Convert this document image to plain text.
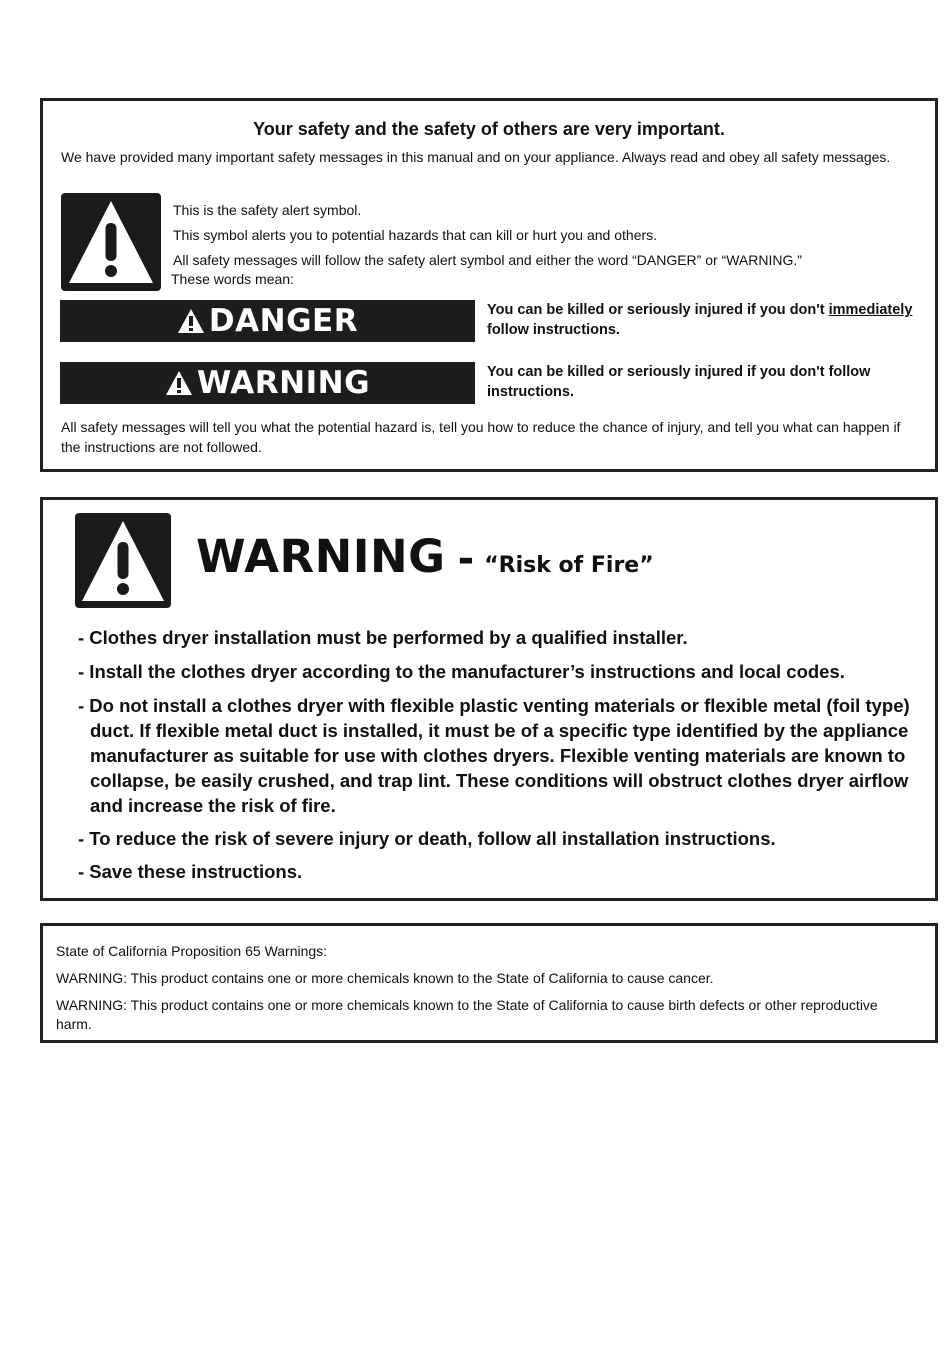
Your safety and the safety of others are very important.
We have provided many important safety messages in this manual and on your appliance. Always read and obey all safety messages.
This is the safety alert symbol.
This symbol alerts you to potential hazards that can kill or hurt you and others.
All safety messages will follow the safety alert symbol and either the word “DANGER” or “WARNING.”
These words mean:
DANGER	You can be killed or seriously injured if you don't immediately
follow instructions.
WARNING	You can be killed or seriously injured if you don't follow instructions.
All safety messages will tell you what the potential hazard is, tell you how to reduce the chance of injury, and tell you what can happen if the instructions are not followed.
WARNING - “Risk of Fire”
- Clothes dryer installation must be performed by a qualified installer.
- Install the clothes dryer according to the manufacturer’s instructions and local codes.
- Do not install a clothes dryer with flexible plastic venting materials or flexible metal (foil type) duct. If flexible metal duct is installed, it must be of a specific type identified by the appliance manufacturer as suitable for use with clothes dryers. Flexible venting materials are known to collapse, be easily crushed, and trap lint. These conditions will obstruct clothes dryer airflow and increase the risk of fire.
- To reduce the risk of severe injury or death, follow all installation instructions.
- Save these instructions.
State of California Proposition 65 Warnings:
WARNING: This product contains one or more chemicals known to the State of California to cause cancer.
WARNING: This product contains one or more chemicals known to the State of California to cause birth defects or other reproductive harm.
